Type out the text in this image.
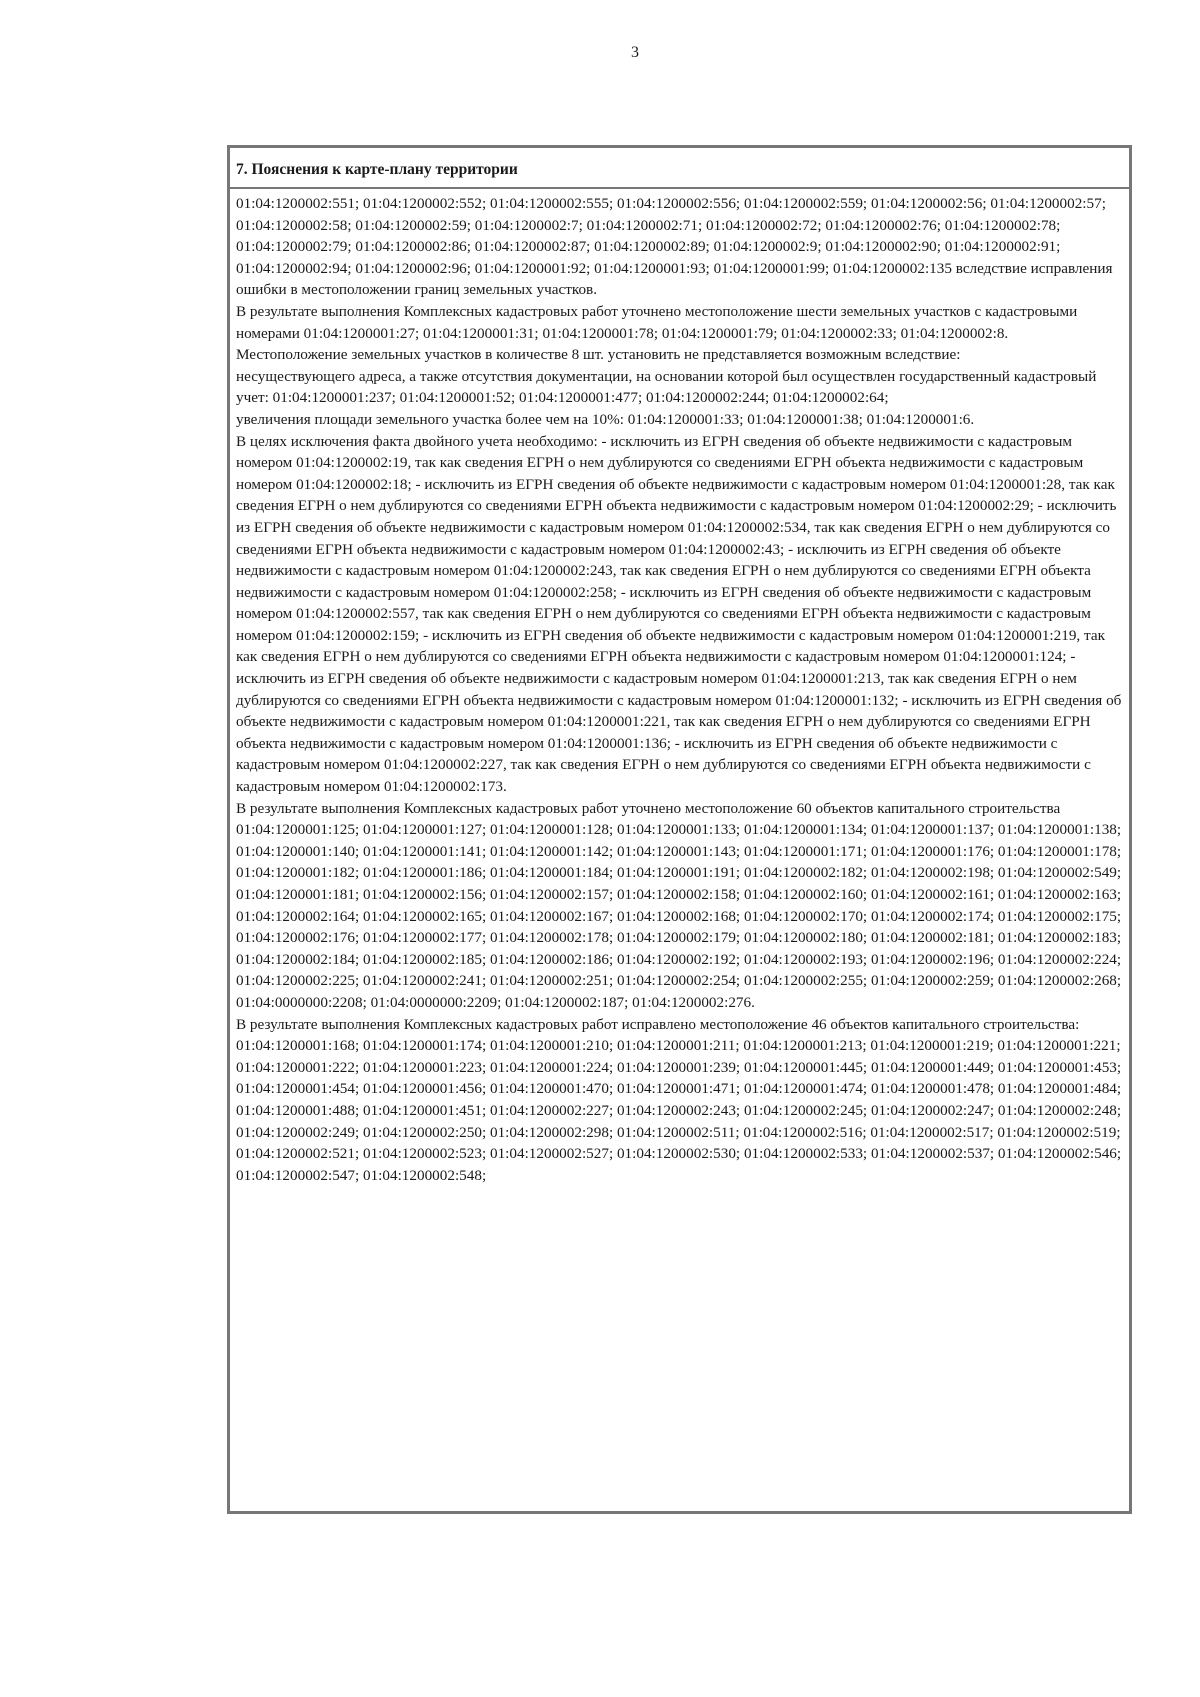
3
7. Пояснения к карте-плану территории

01:04:1200002:551; 01:04:1200002:552; 01:04:1200002:555; 01:04:1200002:556; 01:04:1200002:559; 01:04:1200002:56; 01:04:1200002:57; 01:04:1200002:58; 01:04:1200002:59; 01:04:1200002:7; 01:04:1200002:71; 01:04:1200002:72; 01:04:1200002:76; 01:04:1200002:78; 01:04:1200002:79; 01:04:1200002:86; 01:04:1200002:87; 01:04:1200002:89; 01:04:1200002:9; 01:04:1200002:90; 01:04:1200002:91; 01:04:1200002:94; 01:04:1200002:96; 01:04:1200001:92; 01:04:1200001:93; 01:04:1200001:99; 01:04:1200002:135 вследствие исправления ошибки в местоположении границ земельных участков.

В результате выполнения Комплексных кадастровых работ уточнено местоположение шести земельных участков с кадастровыми номерами 01:04:1200001:27; 01:04:1200001:31; 01:04:1200001:78; 01:04:1200001:79; 01:04:1200002:33; 01:04:1200002:8.

Местоположение земельных участков в количестве 8 шт. установить не представляется возможным вследствие:

несуществующего адреса, а также отсутствия документации, на основании которой был осуществлен государственный кадастровый учет: 01:04:1200001:237; 01:04:1200001:52; 01:04:1200001:477; 01:04:1200002:244; 01:04:1200002:64;

увеличения площади земельного участка более чем на 10%: 01:04:1200001:33; 01:04:1200001:38; 01:04:1200001:6.

В целях исключения факта двойного учета необходимо: - исключить из ЕГРН сведения об объекте недвижимости с кадастровым номером 01:04:1200002:19, так как сведения ЕГРН о нем дублируются со сведениями ЕГРН объекта недвижимости с кадастровым номером 01:04:1200002:18; - исключить из ЕГРН сведения об объекте недвижимости с кадастровым номером 01:04:1200001:28, так как сведения ЕГРН о нем дублируются со сведениями ЕГРН объекта недвижимости с кадастровым номером 01:04:1200002:29; - исключить из ЕГРН сведения об объекте недвижимости с кадастровым номером 01:04:1200002:534, так как сведения ЕГРН о нем дублируются со сведениями ЕГРН объекта недвижимости с кадастровым номером 01:04:1200002:43; - исключить из ЕГРН сведения об объекте недвижимости с кадастровым номером 01:04:1200002:243, так как сведения ЕГРН о нем дублируются со сведениями ЕГРН объекта недвижимости с кадастровым номером 01:04:1200002:258; - исключить из ЕГРН сведения об объекте недвижимости с кадастровым номером 01:04:1200002:557, так как сведения ЕГРН о нем дублируются со сведениями ЕГРН объекта недвижимости с кадастровым номером 01:04:1200002:159; - исключить из ЕГРН сведения об объекте недвижимости с кадастровым номером 01:04:1200001:219, так как сведения ЕГРН о нем дублируются со сведениями ЕГРН объекта недвижимости с кадастровым номером 01:04:1200001:124; - исключить из ЕГРН сведения об объекте недвижимости с кадастровым номером 01:04:1200001:213, так как сведения ЕГРН о нем дублируются со сведениями ЕГРН объекта недвижимости с кадастровым номером 01:04:1200001:132; - исключить из ЕГРН сведения об объекте недвижимости с кадастровым номером 01:04:1200001:221, так как сведения ЕГРН о нем дублируются со сведениями ЕГРН объекта недвижимости с кадастровым номером 01:04:1200001:136; - исключить из ЕГРН сведения об объекте недвижимости с кадастровым номером 01:04:1200002:227, так как сведения ЕГРН о нем дублируются со сведениями ЕГРН объекта недвижимости с кадастровым номером 01:04:1200002:173.

В результате выполнения Комплексных кадастровых работ уточнено местоположение 60 объектов капитального строительства 01:04:1200001:125; 01:04:1200001:127; 01:04:1200001:128; 01:04:1200001:133; 01:04:1200001:134; 01:04:1200001:137; 01:04:1200001:138; 01:04:1200001:140; 01:04:1200001:141; 01:04:1200001:142; 01:04:1200001:143; 01:04:1200001:171; 01:04:1200001:176; 01:04:1200001:178; 01:04:1200001:182; 01:04:1200001:186; 01:04:1200001:184; 01:04:1200001:191; 01:04:1200002:182; 01:04:1200002:198; 01:04:1200002:549; 01:04:1200001:181; 01:04:1200002:156; 01:04:1200002:157; 01:04:1200002:158; 01:04:1200002:160; 01:04:1200002:161; 01:04:1200002:163; 01:04:1200002:164; 01:04:1200002:165; 01:04:1200002:167; 01:04:1200002:168; 01:04:1200002:170; 01:04:1200002:174; 01:04:1200002:175; 01:04:1200002:176; 01:04:1200002:177; 01:04:1200002:178; 01:04:1200002:179; 01:04:1200002:180; 01:04:1200002:181; 01:04:1200002:183; 01:04:1200002:184; 01:04:1200002:185; 01:04:1200002:186; 01:04:1200002:192; 01:04:1200002:193; 01:04:1200002:196; 01:04:1200002:224; 01:04:1200002:225; 01:04:1200002:241; 01:04:1200002:251; 01:04:1200002:254; 01:04:1200002:255; 01:04:1200002:259; 01:04:1200002:268; 01:04:0000000:2208; 01:04:0000000:2209; 01:04:1200002:187; 01:04:1200002:276.

В результате выполнения Комплексных кадастровых работ исправлено местоположение 46 объектов капитального строительства: 01:04:1200001:168; 01:04:1200001:174; 01:04:1200001:210; 01:04:1200001:211; 01:04:1200001:213; 01:04:1200001:219; 01:04:1200001:221; 01:04:1200001:222; 01:04:1200001:223; 01:04:1200001:224; 01:04:1200001:239; 01:04:1200001:445; 01:04:1200001:449; 01:04:1200001:453; 01:04:1200001:454; 01:04:1200001:456; 01:04:1200001:470; 01:04:1200001:471; 01:04:1200001:474; 01:04:1200001:478; 01:04:1200001:484; 01:04:1200001:488; 01:04:1200001:451; 01:04:1200002:227; 01:04:1200002:243; 01:04:1200002:245; 01:04:1200002:247; 01:04:1200002:248; 01:04:1200002:249; 01:04:1200002:250; 01:04:1200002:298; 01:04:1200002:511; 01:04:1200002:516; 01:04:1200002:517; 01:04:1200002:519; 01:04:1200002:521; 01:04:1200002:523; 01:04:1200002:527; 01:04:1200002:530; 01:04:1200002:533; 01:04:1200002:537; 01:04:1200002:546; 01:04:1200002:547; 01:04:1200002:548;
